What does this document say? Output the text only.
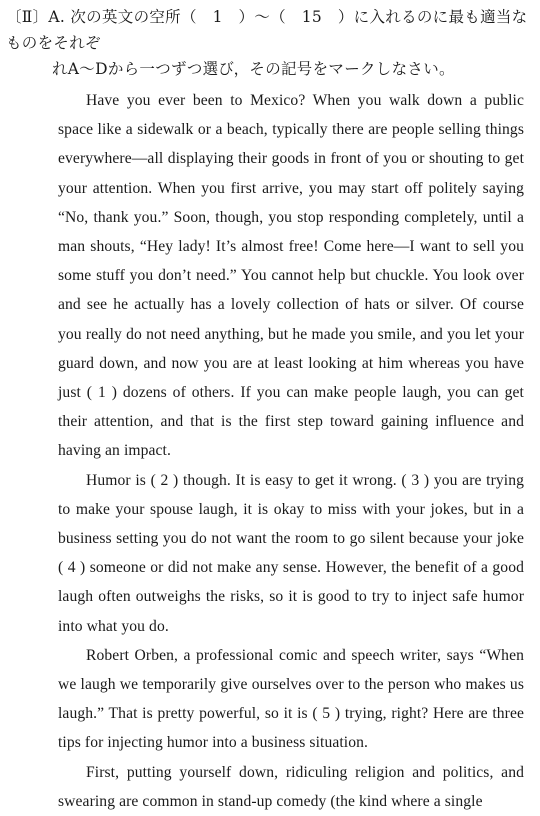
〔Ⅱ〕A. 次の英文の空所（　1　）〜（　15　）に入れるのに最も適当なものをそれぞ
れA〜Dから一つずつ選び，その記号をマークしなさい。

Have you ever been to Mexico? When you walk down a public space like a sidewalk or a beach, typically there are people selling things everywhere—all displaying their goods in front of you or shouting to get your attention. When you first arrive, you may start off politely saying “No, thank you.” Soon, though, you stop responding completely, until a man shouts, “Hey lady! It’s almost free! Come here—I want to sell you some stuff you don’t need.” You cannot help but chuckle. You look over and see he actually has a lovely collection of hats or silver. Of course you really do not need anything, but he made you smile, and you let your guard down, and now you are at least looking at him whereas you have just ( 1 ) dozens of others. If you can make people laugh, you can get their attention, and that is the first step toward gaining influence and having an impact.

Humor is ( 2 ) though. It is easy to get it wrong. ( 3 ) you are trying to make your spouse laugh, it is okay to miss with your jokes, but in a business setting you do not want the room to go silent because your joke ( 4 ) someone or did not make any sense. However, the benefit of a good laugh often outweighs the risks, so it is good to try to inject safe humor into what you do.

Robert Orben, a professional comic and speech writer, says “When we laugh we temporarily give ourselves over to the person who makes us laugh.” That is pretty powerful, so it is ( 5 ) trying, right? Here are three tips for injecting humor into a business situation.

First, putting yourself down, ridiculing religion and politics, and swearing are common in stand-up comedy (the kind where a single
